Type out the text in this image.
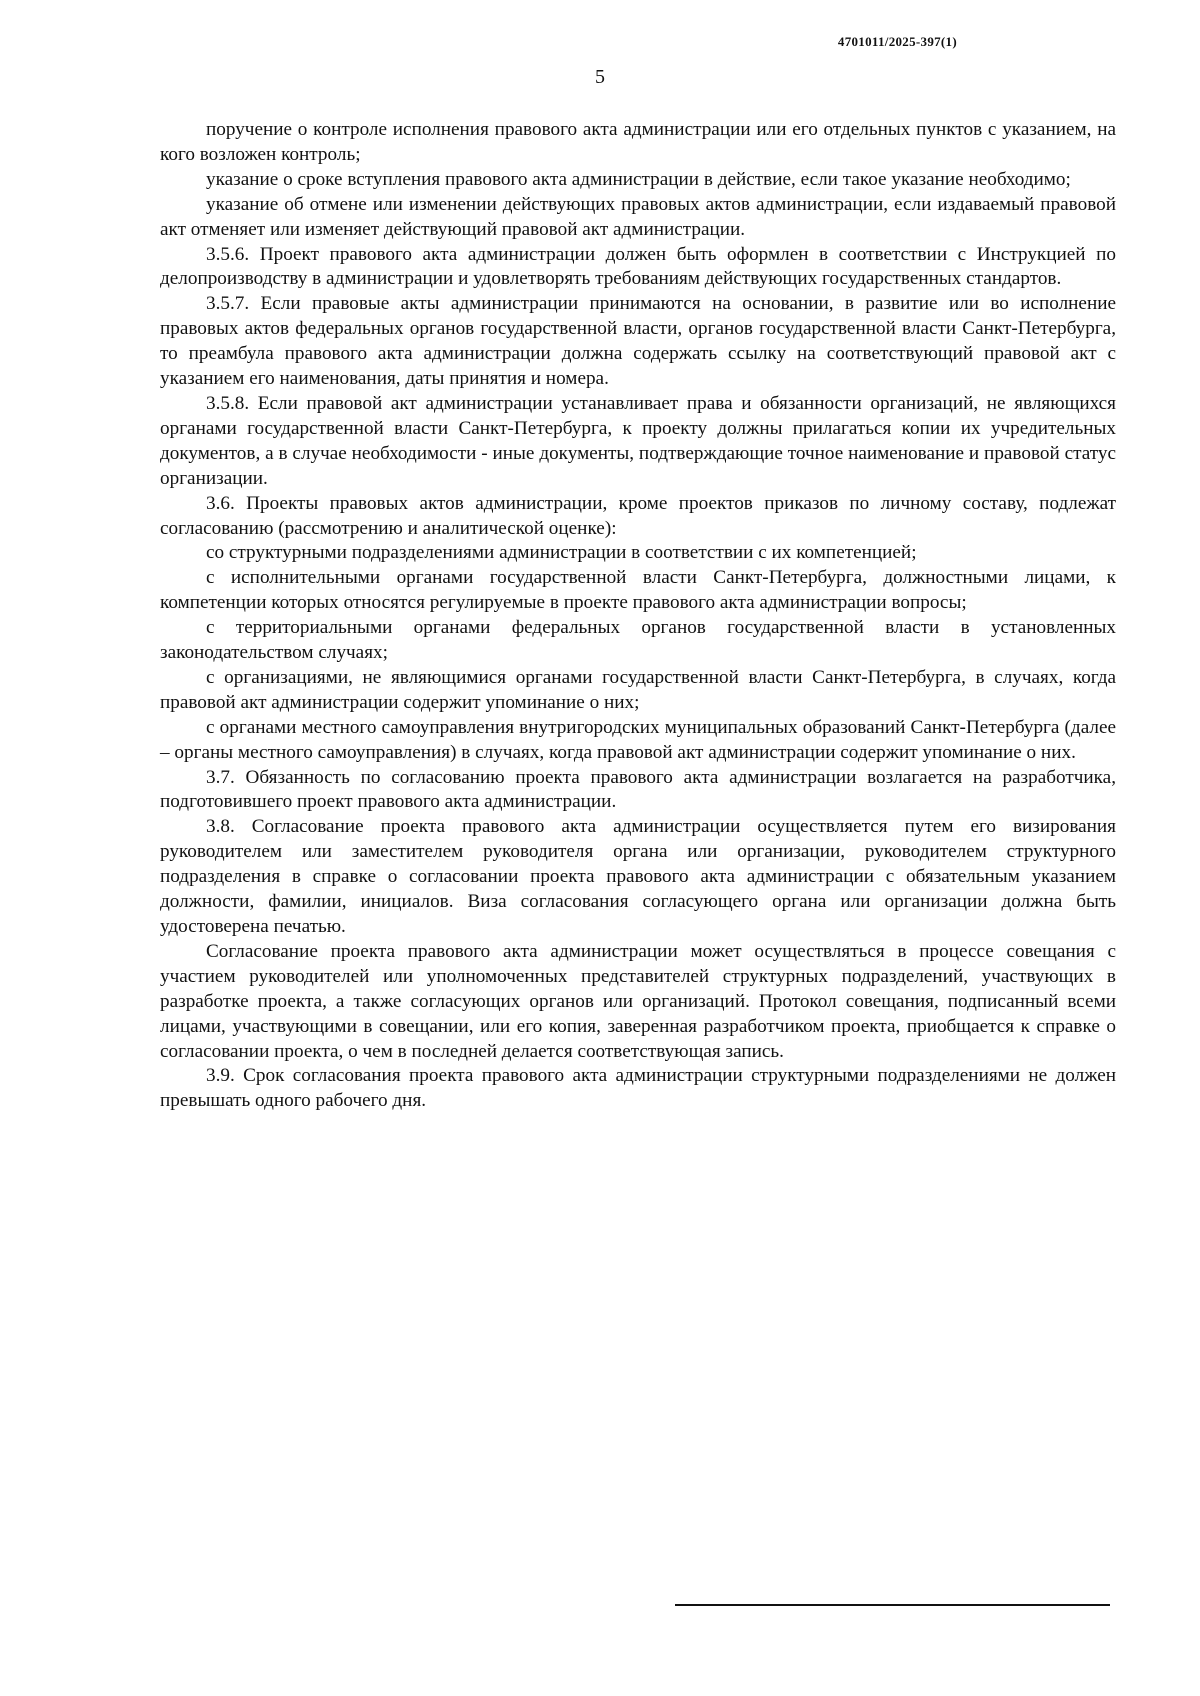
4701011/2025-397(1)
5

поручение о контроле исполнения правового акта администрации или его отдельных пунктов с указанием, на кого возложен контроль;

указание о сроке вступления правового акта администрации в действие, если такое указание необходимо;

указание об отмене или изменении действующих правовых актов администрации, если издаваемый правовой акт отменяет или изменяет действующий правовой акт администрации.

3.5.6. Проект правового акта администрации должен быть оформлен в соответствии с Инструкцией по делопроизводству в администрации и удовлетворять требованиям действующих государственных стандартов.

3.5.7. Если правовые акты администрации принимаются на основании, в развитие или во исполнение правовых актов федеральных органов государственной власти, органов государственной власти Санкт-Петербурга, то преамбула правового акта администрации должна содержать ссылку на соответствующий правовой акт с указанием его наименования, даты принятия и номера.

3.5.8. Если правовой акт администрации устанавливает права и обязанности организаций, не являющихся органами государственной власти Санкт-Петербурга, к проекту должны прилагаться копии их учредительных документов, а в случае необходимости - иные документы, подтверждающие точное наименование и правовой статус организации.

3.6. Проекты правовых актов администрации, кроме проектов приказов по личному составу, подлежат согласованию (рассмотрению и аналитической оценке):

со структурными подразделениями администрации в соответствии с их компетенцией;

с исполнительными органами государственной власти Санкт-Петербурга, должностными лицами, к компетенции которых относятся регулируемые в проекте правового акта администрации вопросы;

с территориальными органами федеральных органов государственной власти в установленных законодательством случаях;

с организациями, не являющимися органами государственной власти Санкт-Петербурга, в случаях, когда правовой акт администрации содержит упоминание о них;

с органами местного самоуправления внутригородских муниципальных образований Санкт-Петербурга (далее – органы местного самоуправления) в случаях, когда правовой акт администрации содержит упоминание о них.

3.7. Обязанность по согласованию проекта правового акта администрации возлагается на разработчика, подготовившего проект правового акта администрации.

3.8. Согласование проекта правового акта администрации осуществляется путем его визирования руководителем или заместителем руководителя органа или организации, руководителем структурного подразделения в справке о согласовании проекта правового акта администрации с обязательным указанием должности, фамилии, инициалов. Виза согласования согласующего органа или организации должна быть удостоверена печатью.

Согласование проекта правового акта администрации может осуществляться в процессе совещания с участием руководителей или уполномоченных представителей структурных подразделений, участвующих в разработке проекта, а также согласующих органов или организаций. Протокол совещания, подписанный всеми лицами, участвующими в совещании, или его копия, заверенная разработчиком проекта, приобщается к справке о согласовании проекта, о чем в последней делается соответствующая запись.

3.9. Срок согласования проекта правового акта администрации структурными подразделениями не должен превышать одного рабочего дня.
